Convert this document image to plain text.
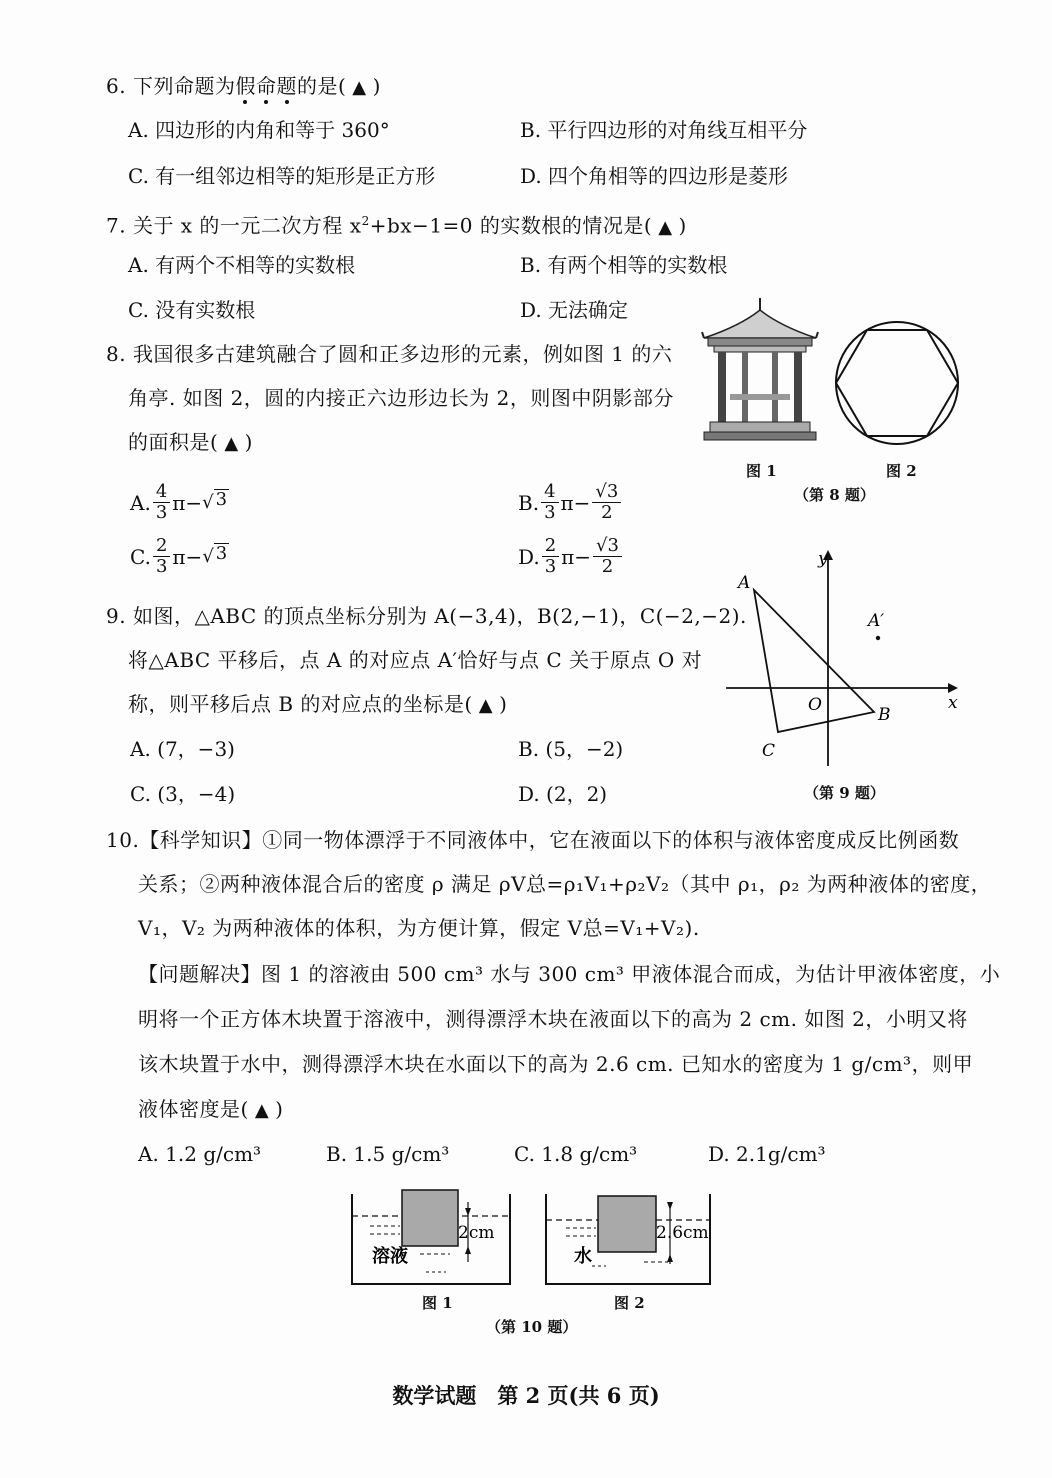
6. 下列命题为假命题
的是( ▲ )
A. 四边形的内角和等于 360°	B. 平行四边形的对角线互相平分
C. 有一组邻边相等的矩形是正方形	D. 四个角相等的四边形是菱形
7. 关于 x 的一元二次方程 $x^2+bx-1=0$ 的实数根的情况是( ▲ )
A. 有两个不相等的实数根	B. 有两个相等的实数根
C. 没有实数根	D. 无法确定
8. 我国很多古建筑融合了圆和正多边形的元素，例如图 1 的六
角亭. 如图 2，圆的内接正六边形边长为 2，则图中阴影部分
的面积是( ▲ )
A. $\frac{4}{3} \pi-$ √ 3	B. $\frac{4}{3} \pi- \frac{√3}{2}$
C. $\frac{2}{3} \pi-$ √ 3	D. $\frac{2}{3} \pi- \frac{√3}{2}$
图 1	图 2
（第 8 题）
9. 如图，△ABC 的顶点坐标分别为 A(−3,4)，B(2,−1)，C(−2,−2).
将△ABC 平移后，点 A 的对应点 A′恰好与点 C 关于原点 O 对
称，则平移后点 B 的对应点的坐标是( ▲ )
A. (7，−3)	B. (5，−2)
C. (3，−4)	D. (2，2)
y
x
O
A
B
C
A′
（第 9 题）
10.【科学知识】①同一物体漂浮于不同液体中，它在液面以下的体积与液体密度成反比例函数
关系；②两种液体混合后的密度 ρ 满足 ρV总=ρ₁V₁+ρ₂V₂（其中 ρ₁，ρ₂ 为两种液体的密度，
V₁，V₂ 为两种液体的体积，为方便计算，假定 V总=V₁+V₂).
【问题解决】图 1 的溶液由 500 cm³ 水与 300 cm³ 甲液体混合而成，为估计甲液体密度，小
明将一个正方体木块置于溶液中，测得漂浮木块在液面以下的高为 2 cm. 如图 2，小明又将
该木块置于水中，测得漂浮木块在水面以下的高为 2.6 cm. 已知水的密度为 1 g/cm³，则甲
液体密度是( ▲ )
A. 1.2 g/cm³	B. 1.5 g/cm³	C. 1.8 g/cm³	D. 2.1g/cm³
2cm
溶液
图 1
2.6cm
水
图 2
（第 10 题）
数学试题　第 2 页(共 6 页)
